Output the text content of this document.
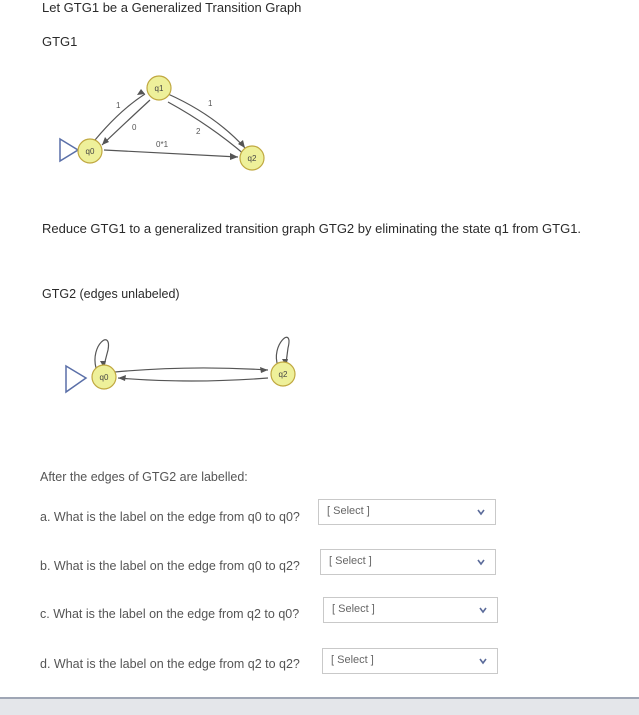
Let GTG1 be a Generalized Transition Graph
GTG1
1
0
1
2
0*1
q0
q1
q2
Reduce GTG1 to a generalized transition graph GTG2 by eliminating the state q1 from GTG1.
GTG2 (edges unlabeled)
q0	q2
After the edges of GTG2 are labelled:
a. What is the label on the edge from q0 to q0? [ Select ]
b. What is the label on the edge from q0 to q2?	[ Select ]
c. What is the label on the edge from q2 to q0?	[ Select ]
d. What is the label on the edge from q2 to q2?	[ Select ]
